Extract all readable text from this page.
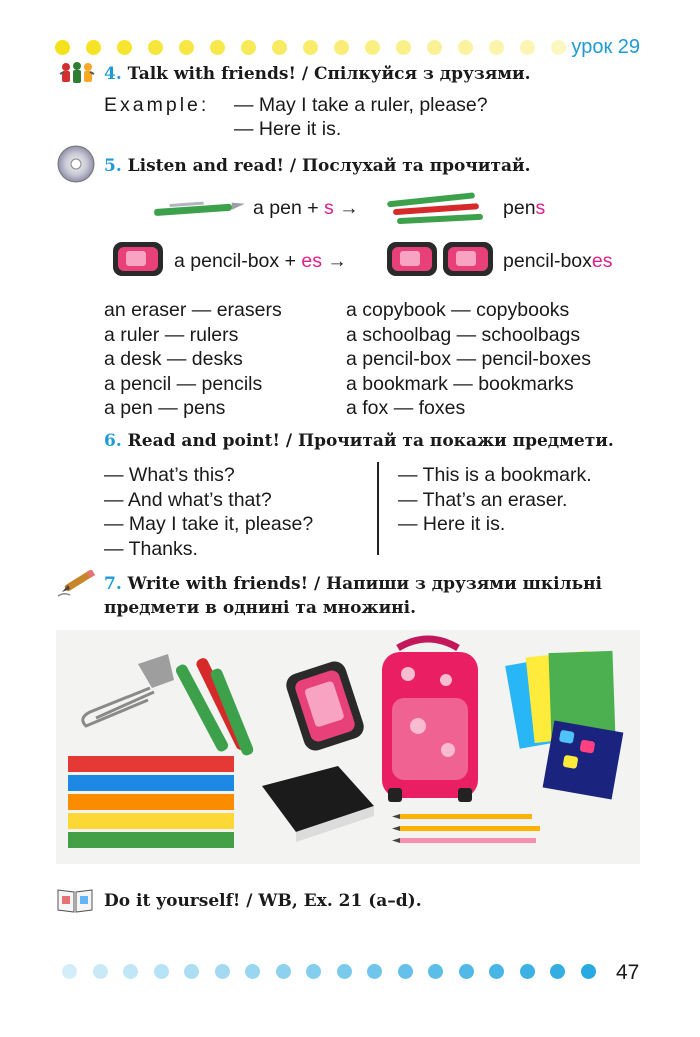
урок 29
4. Talk with friends! / Спілкуйся з друзями.
Example: — May I take a ruler, please?
— Here it is.
5. Listen and read! / Послухай та прочитай.
a pen + s →	pens
a pencil-box + es →	pencil-boxes
an eraser — erasers
a ruler — rulers
a desk — desks
a pencil — pencils
a pen — pens
a copybook — copybooks
a schoolbag — schoolbags
a pencil-box — pencil-boxes
a bookmark — bookmarks
a fox — foxes
6. Read and point! / Прочитай та покажи предмети.
— What’s this?
— And what’s that?
— May I take it, please?
— Thanks.
— This is a bookmark.
— That’s an eraser.
— Here it is.
7. Write with friends! / Напиши з друзями шкільні
предмети в однині та множині.
Do it yourself! / WB, Ex. 21 (a–d).
47
